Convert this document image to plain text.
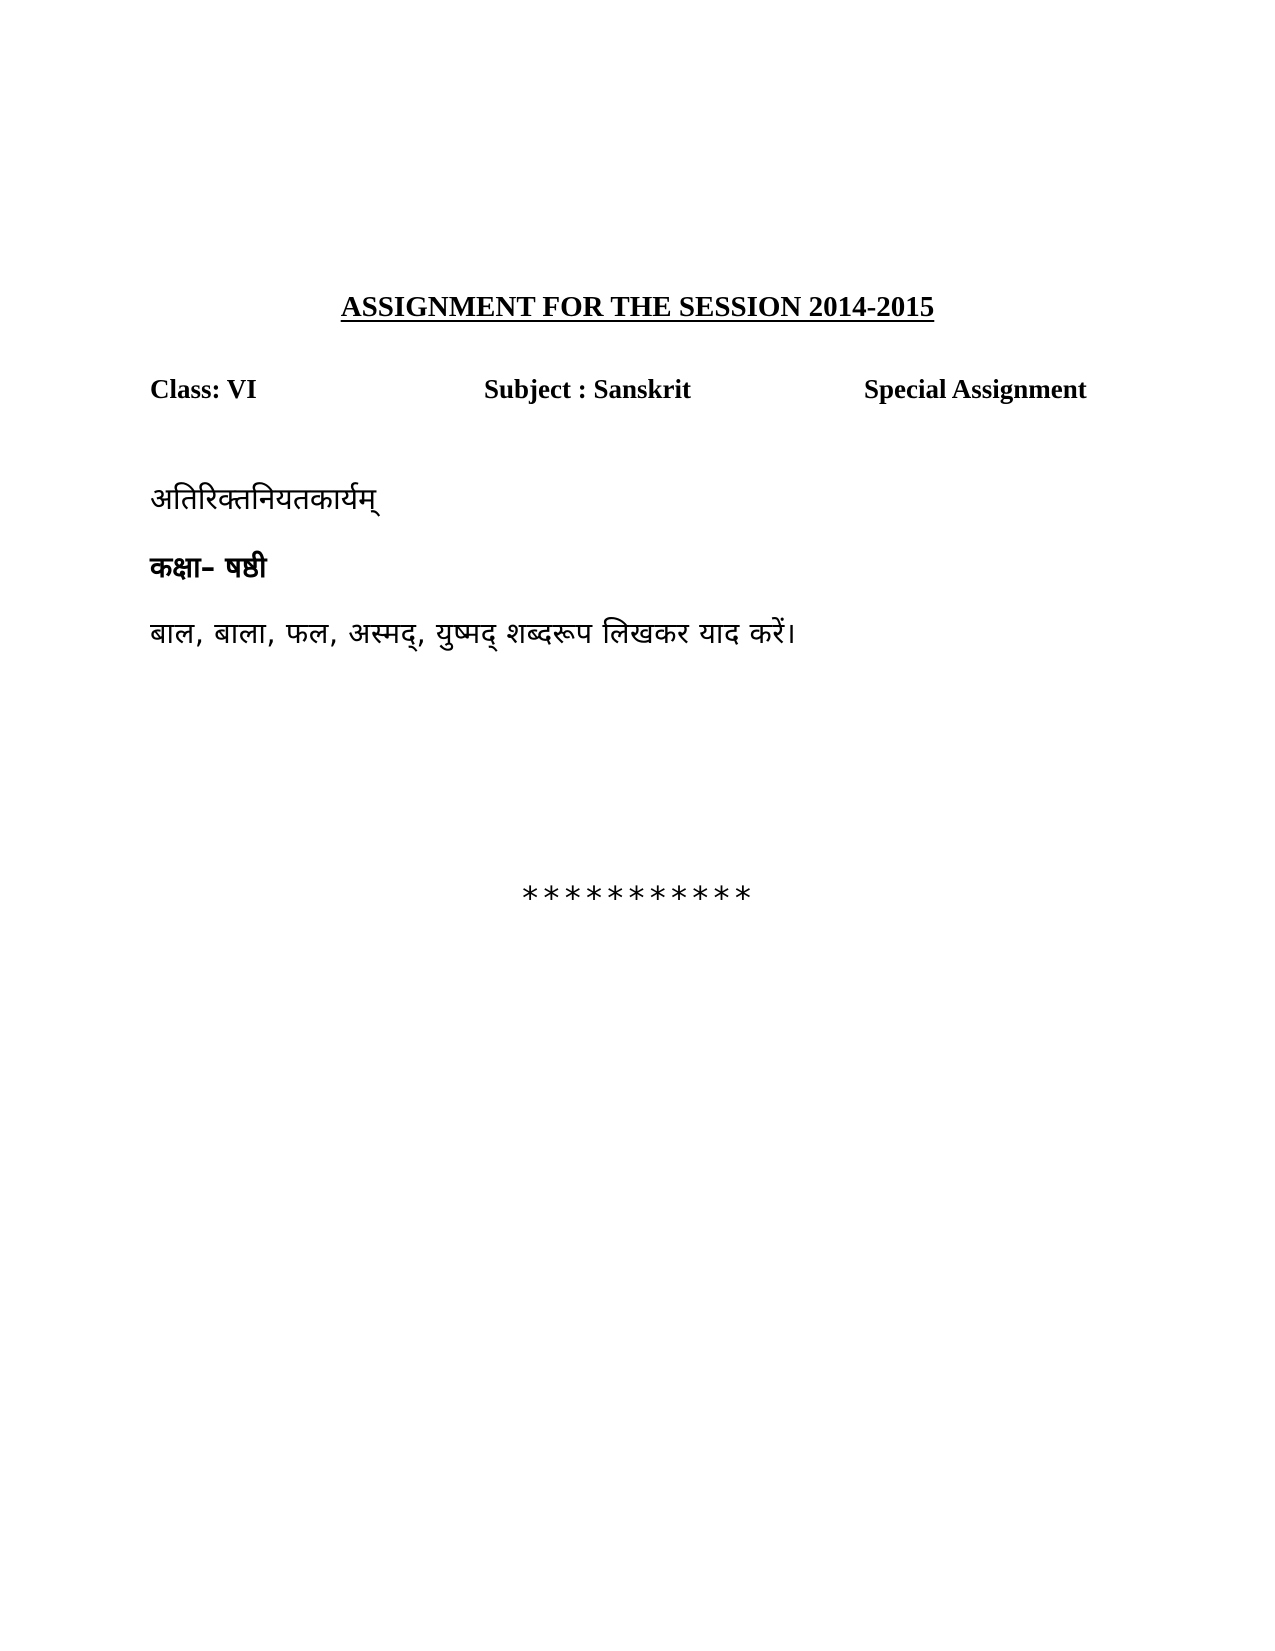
ASSIGNMENT FOR THE SESSION 2014-2015
Class: VI	Subject : Sanskrit	Special Assignment
अतिरिक्तनियतकार्यम्
कक्षा– षष्ठी
बाल, बाला, फल, अस्मद्, युष्मद् शब्दरूप लिखकर याद करें।
***********
